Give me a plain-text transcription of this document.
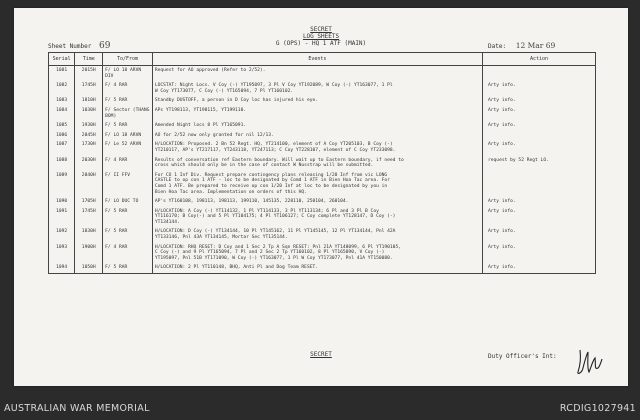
SECRET
LOG SHEETS
G (OPS) - HQ 1 ATF (MAIN)
Sheet Number 69	Date: 12 Mar 69
Serial	Time	To/From	Events	Action
1081	2015H	F/ LO 18 ARVN DIV	Request for AO approved (Refer to 2/52).	

1082	1745H	F/ 4 RAR	LOCSTAT: Night Locs. V Coy (-) YT195097, 3 Pl V Coy YT192089, W Coy (-) YT163077, 1 Pl
W Coy YT173077, C Coy (-) YT165094, 7 Pl YT160102.	Arty info.

1083	1810H	F/ 5 RAR	Standby DUSTOFF, a person in D Coy loc has injured his eye.	Arty info.

1084	1030H	F/ Sector (THANG BOM)	APs YT198113, YT198115, YT199110.	Arty info.

1085	1930H	F/ 5 RAR	Amended Night locs 8 Pl YT165091.	Arty info.

1086	2045H	F/ LO 18 ARVN	AO for 2/52 now only granted for nil 12/13.	

1087	1730H	F/ Le 52 ARVN	H/LOCATION: Proposed. 2 Bn 52 Regt. HQ, YT214100, element of A Coy YT205103, B Coy (-)
YT210117, AP's YT217117, YT243118, YT247113; C Coy YT228107, element of C Coy YT233098.	Arty info.

1088	2030H	F/ 4 RAR	Results of conversation ref Eastern boundary. Will wait up to Eastern boundary, if need to
cross which should only be in the case of contact W Nusstrap will be submitted.	request by 52 Regt LO.

1089	2040H	F/ II FFV	For CO 1 Inf Div. Request prepare contingency plans releasing 1/20 Inf from vic LONG
CASTLE to op con 1 ATF - loc to be designated by Comd 1 ATF in Bien Hoa Tac area. For
Comd 1 ATF. Be prepared to receive op con 1/20 Inf at loc to be designated by you in
Bien Hoa Tac area. Implementation on orders of this HQ.	

1090	1705H	F/ LO DUC TO	AP's YT168108, 198113, 198113, 199110, 145135, 228110, 250104, 260104.	Arty info.

1091	1745H	F/ 5 RAR	H/LOCATION: A Coy (-) YT114132, 1 Pl YT114133, 3 Pl YT113134; 6 Pl and 3 Pl B Coy
YT116170; B Coy(-) and 5 Pl YT104175; 4 Pl YT106127; C Coy complete YT128147, D Coy (-)
YT134144.	Arty info.

1092	1830H	F/ 5 RAR	H/LOCATION: D Coy (-) YT134144, 10 Pl YT145162, 11 Pl YT145145, 12 Pl YT134144, Pnl 42A
YT133146, Pnl 43A YT134145, Mortar Sec YT135144.	Arty info.

1093	1900H	F/ 4 RAR	H/LOCATION: RHQ RESET: D Coy and 1 Sec 2 Tp A Sqn RESET: Pnl 21A YT148099, 6 Pl YT190105,
C Coy (-) and 9 Pl YT165094, 7 Pl and 2 Sec 2 Tp YT160102, 8 Pl YT165090, V Coy (-)
YT195097, Pnl 51B YT171090, W Coy (-) YT163077, 1 Pl W Coy YT173077, Pnl 41A YT150080.	Arty info.

1094	1050H	F/ 5 RAR	H/LOCATION: 2 Pl YT110148, BHQ, Anti Pl and Dog Team RESET.	Arty info.
SECRET	Duty Officer's Int:
AUSTRALIAN WAR MEMORIAL	RCDIG1027941
